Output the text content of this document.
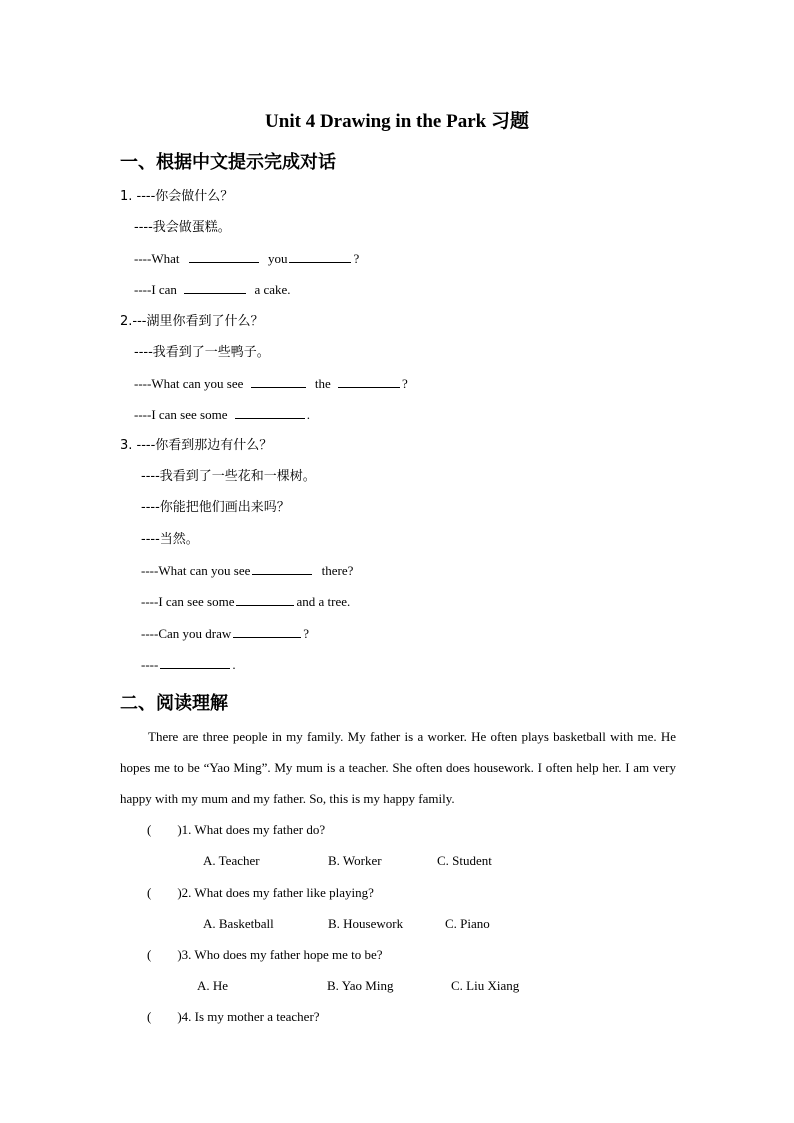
Unit 4 Drawing in the Park 习题
一、根据中文提示完成对话
1. ----你会做什么？
----我会做蛋糕。
----What	you	?
----I can	a cake.
2.---湖里你看到了什么？
----我看到了一些鸭子。
----What can you see	the	?
----I can see some	.
3. ----你看到那边有什么？
----我看到了一些花和一棵树。
----你能把他们画出来吗？
----当然。
----What can you see	there?
----I can see some	and a tree.
----Can you draw	?
----	.
二、阅读理解
There are three people in my family. My father is a worker. He often plays basketball with me. He hopes me to be “Yao Ming”. My mum is a teacher. She often does housework. I often help her. I am very happy with my mum and my father. So, this is my happy family.
(        )1. What does my father do?
A. Teacher	B. Worker	C. Student
(        )2. What does my father like playing?
A. Basketball	B. Housework	C. Piano
(        )3. Who does my father hope me to be?
A. He	B. Yao Ming	C. Liu Xiang
(        )4. Is my mother a teacher?
